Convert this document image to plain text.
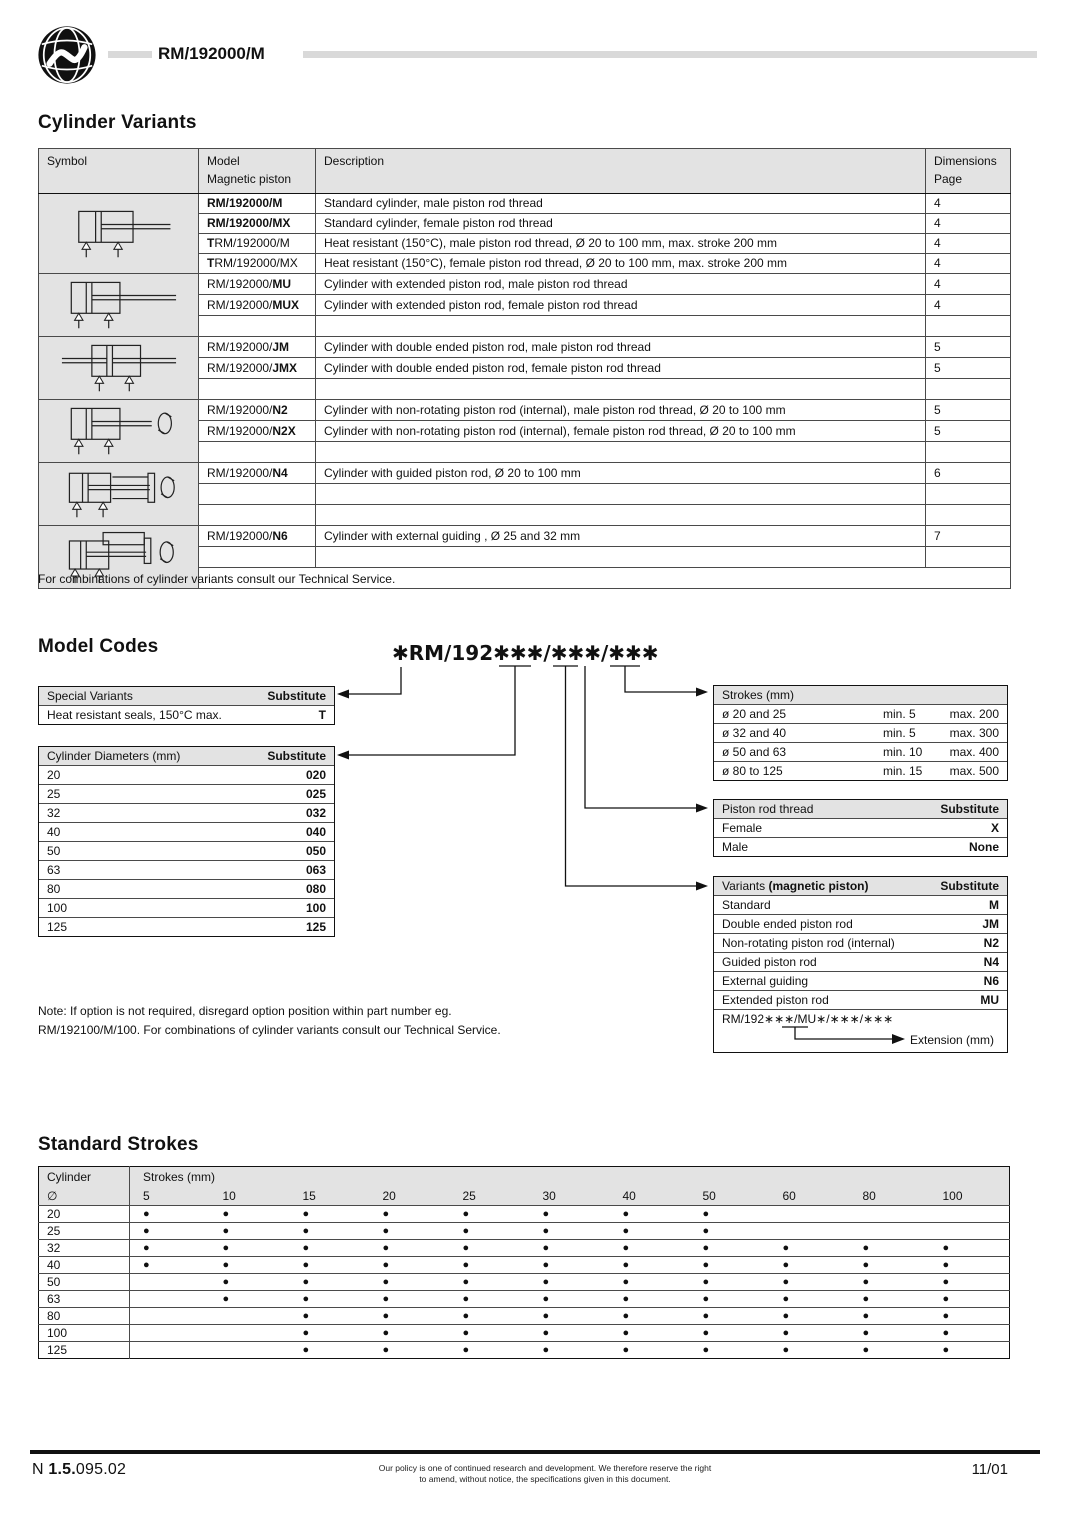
RM/192000/M
Cylinder Variants
Symbol	Model
Magnetic piston

Description	Dimensions
Page

	RM/192000/M	Standard cylinder, male piston rod thread	4
	RM/192000/MX	Standard cylinder, female piston rod thread	4
	TRM/192000/M	Heat resistant (150°C), male piston rod thread, Ø 20 to 100 mm, max. stroke 200 mm	4
	TRM/192000/MX	Heat resistant (150°C), female piston rod thread, Ø 20 to 100 mm, max. stroke 200 mm	4
	RM/192000/MU	Cylinder with extended piston rod, male piston rod thread	4
	RM/192000/MUX	Cylinder with extended piston rod, female piston rod thread	4

	RM/192000/JM	Cylinder with double ended piston rod, male piston rod thread	5
	RM/192000/JMX	Cylinder with double ended piston rod, female piston rod thread	5

	RM/192000/N2	Cylinder with non-rotating piston rod (internal), male piston rod thread, Ø 20 to 100 mm	5
	RM/192000/N2X	Cylinder with non-rotating piston rod (internal), female piston rod thread, Ø 20 to 100 mm	5

	RM/192000/N4	Cylinder with guided piston rod, Ø 20 to 100 mm	6

	RM/192000/N6	Cylinder with external guiding , Ø 25 and 32 mm	7

For combinations of cylinder variants consult our Technical Service.
Model Codes	✱RM/192✱✱✱/✱✱✱/✱✱✱
Special Variants	Substitute
Heat resistant seals, 150°C max.	T
Cylinder Diameters (mm)	Substitute
20	020
25	025
32	032
40	040
50	050
63	063
80	080
100	100
125	125
Strokes (mm)
ø 20 and 25	min. 5	max. 200
ø 32 and 40	min. 5	max. 300
ø 50 and 63	min. 10	max. 400
ø 80 to 125	min. 15	max. 500
Piston rod thread	Substitute
Female	X
Male	None
Variants (magnetic piston)	Substitute
Standard	M
Double ended piston rod	JM
Non-rotating piston rod (internal)	N2
Guided piston rod	N4
External guiding	N6
Extended piston rod	MU
RM/192∗∗∗/MU∗/∗∗∗/∗∗∗
Extension (mm)
Note: If option is not required, disregard option position within part number eg.
RM/192100/M/100. For combinations of cylinder variants consult our Technical Service.
Standard Strokes
Cylinder	Strokes (mm)										
∅	5	10	15	20	25	30	40	50	60	80	100
20	●	●	●	●	●	●	●	●			
25	●	●	●	●	●	●	●	●			
32	●	●	●	●	●	●	●	●	●	●	●
40	●	●	●	●	●	●	●	●	●	●	●
50		●	●	●	●	●	●	●	●	●	●
63		●	●	●	●	●	●	●	●	●	●
80			●	●	●	●	●	●	●	●	●
100			●	●	●	●	●	●	●	●	●
125			●	●	●	●	●	●	●	●	●
N 1.5.095.02	Our policy is one of continued research and development. We therefore reserve the right
to amend, without notice, the specifications given in this document.
11/01
